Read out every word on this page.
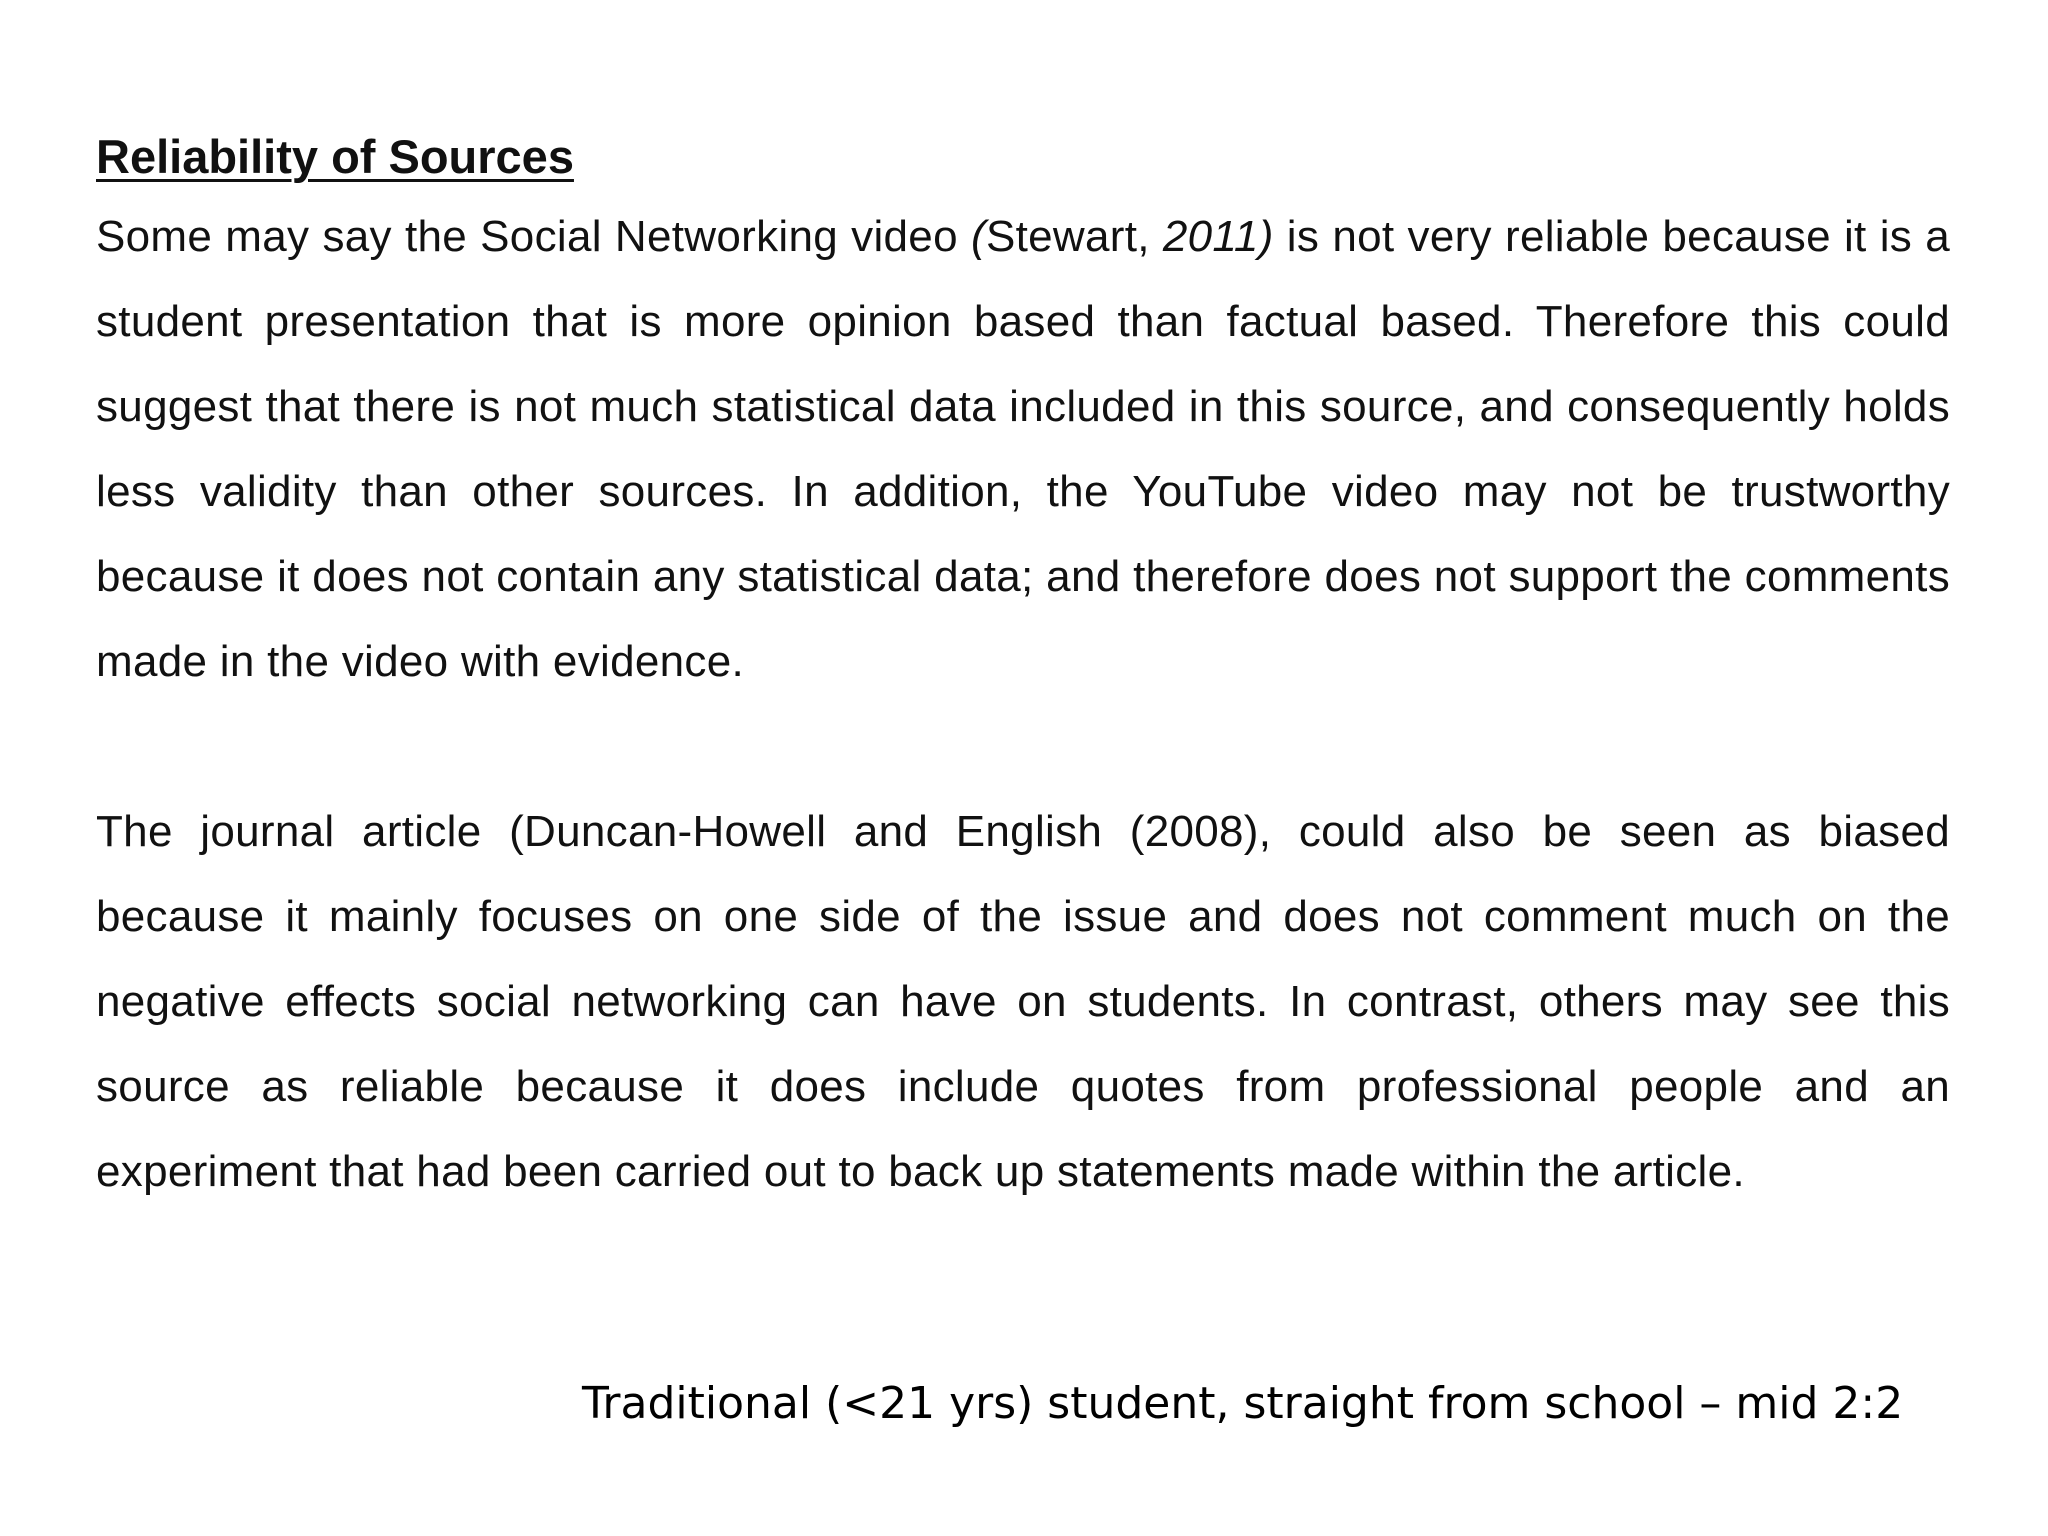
Reliability of Sources

Some may say the Social Networking video (Stewart, 2011) is not very reliable because it is a student presentation that is more opinion based than factual based. Therefore this could suggest that there is not much statistical data included in this source, and consequently holds less validity than other sources. In addition, the YouTube video may not be trustworthy because it does not contain any statistical data; and therefore does not support the comments made in the video with evidence.

The journal article (Duncan-Howell and English (2008), could also be seen as biased because it mainly focuses on one side of the issue and does not comment much on the negative effects social networking can have on students. In contrast, others may see this source as reliable because it does include quotes from professional people and an experiment that had been carried out to back up statements made within the article.

Traditional (<21 yrs) student, straight from school – mid 2:2
